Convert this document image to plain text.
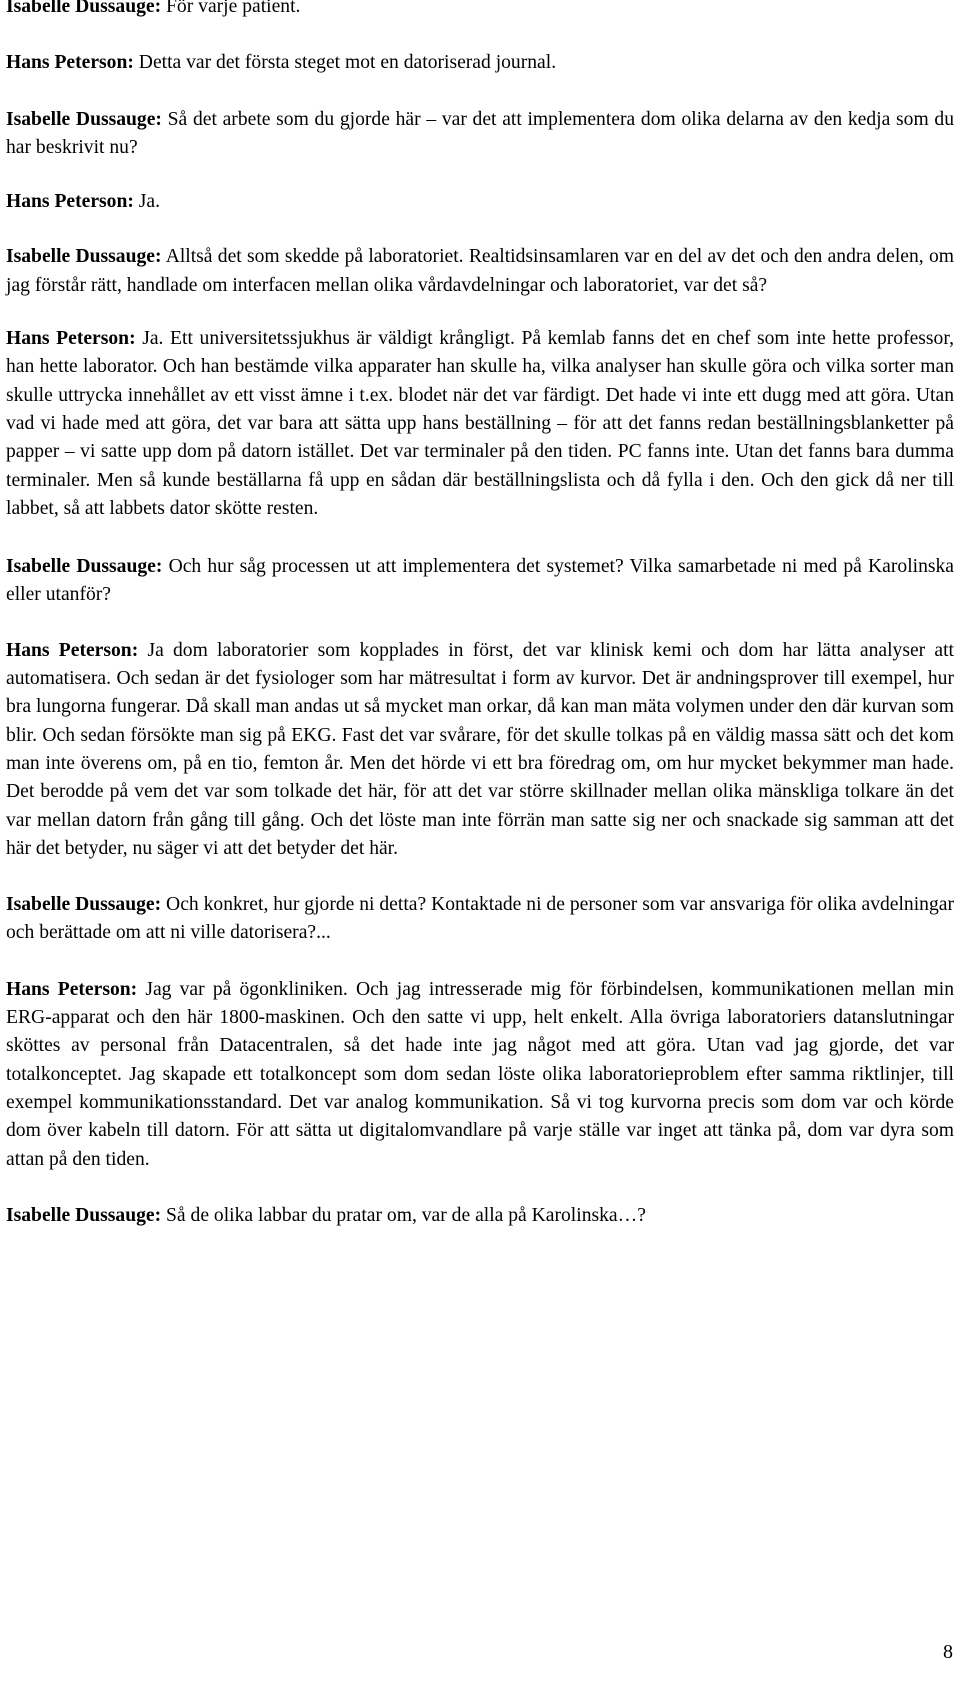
Isabelle Dussauge: För varje patient.

Hans Peterson: Detta var det första steget mot en datoriserad journal.

Isabelle Dussauge: Så det arbete som du gjorde här – var det att implementera dom olika delarna av den kedja som du har beskrivit nu?

Hans Peterson: Ja.

Isabelle Dussauge: Alltså det som skedde på laboratoriet. Realtidsinsamlaren var en del av det och den andra delen, om jag förstår rätt, handlade om interfacen mellan olika vårdavdelningar och laboratoriet, var det så?

Hans Peterson: Ja. Ett universitetssjukhus är väldigt krångligt. På kemlab fanns det en chef som inte hette professor, han hette laborator. Och han bestämde vilka apparater han skulle ha, vilka analyser han skulle göra och vilka sorter man skulle uttrycka innehållet av ett visst ämne i t.ex. blodet när det var färdigt. Det hade vi inte ett dugg med att göra. Utan vad vi hade med att göra, det var bara att sätta upp hans beställning – för att det fanns redan beställningsblanketter på papper – vi satte upp dom på datorn istället. Det var terminaler på den tiden. PC fanns inte. Utan det fanns bara dumma terminaler. Men så kunde beställarna få upp en sådan där beställningslista och då fylla i den. Och den gick då ner till labbet, så att labbets dator skötte resten.

Isabelle Dussauge: Och hur såg processen ut att implementera det systemet? Vilka samarbetade ni med på Karolinska eller utanför?

Hans Peterson: Ja dom laboratorier som kopplades in först, det var klinisk kemi och dom har lätta analyser att automatisera. Och sedan är det fysiologer som har mätresultat i form av kurvor. Det är andningsprover till exempel, hur bra lungorna fungerar. Då skall man andas ut så mycket man orkar, då kan man mäta volymen under den där kurvan som blir. Och sedan försökte man sig på EKG. Fast det var svårare, för det skulle tolkas på en väldig massa sätt och det kom man inte överens om, på en tio, femton år. Men det hörde vi ett bra föredrag om, om hur mycket bekymmer man hade. Det berodde på vem det var som tolkade det här, för att det var större skillnader mellan olika mänskliga tolkare än det var mellan datorn från gång till gång. Och det löste man inte förrän man satte sig ner och snackade sig samman att det här det betyder, nu säger vi att det betyder det här.

Isabelle Dussauge: Och konkret, hur gjorde ni detta? Kontaktade ni de personer som var ansvariga för olika avdelningar och berättade om att ni ville datorisera?...

Hans Peterson: Jag var på ögonkliniken. Och jag intresserade mig för förbindelsen, kommunikationen mellan min ERG-apparat och den här 1800-maskinen. Och den satte vi upp, helt enkelt. Alla övriga laboratoriers datanslutningar sköttes av personal från Datacentralen, så det hade inte jag något med att göra. Utan vad jag gjorde, det var totalkonceptet. Jag skapade ett totalkoncept som dom sedan löste olika laboratorieproblem efter samma riktlinjer, till exempel kommunikationsstandard. Det var analog kommunikation. Så vi tog kurvorna precis som dom var och körde dom över kabeln till datorn. För att sätta ut digitalomvandlare på varje ställe var inget att tänka på, dom var dyra som attan på den tiden.

Isabelle Dussauge: Så de olika labbar du pratar om, var de alla på Karolinska…?

8
